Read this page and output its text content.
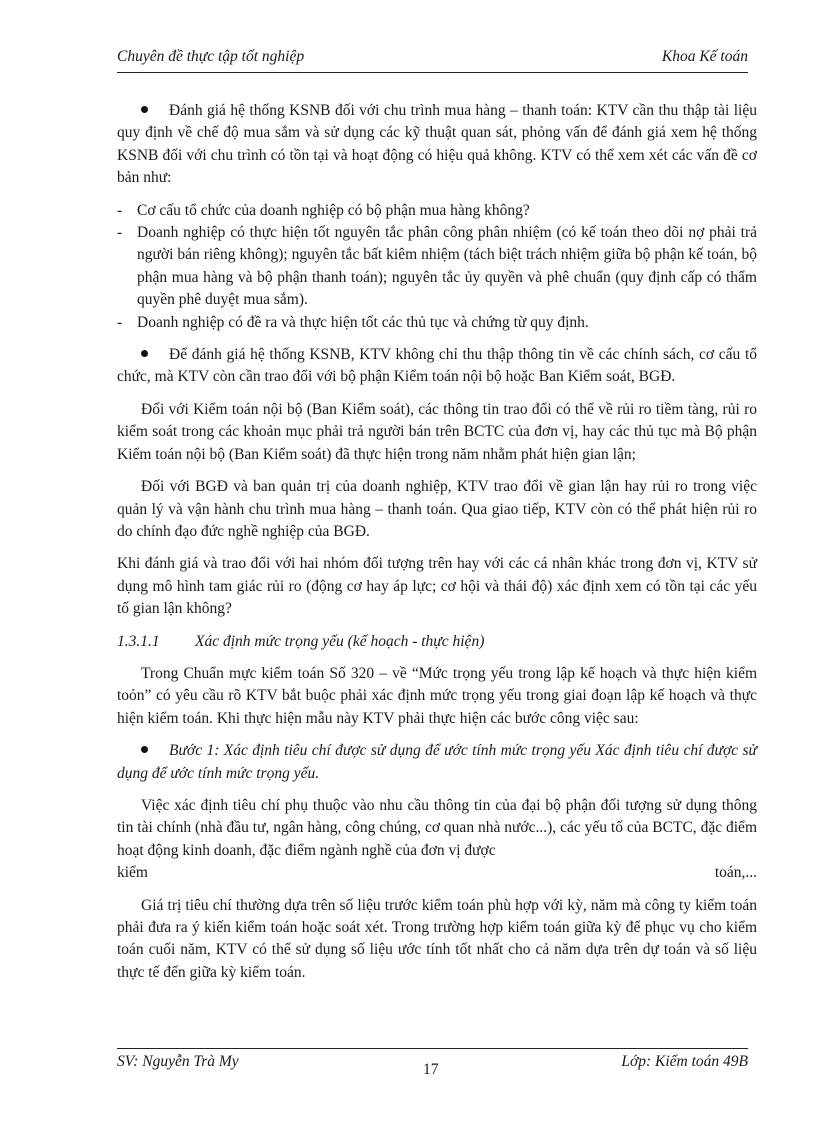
Chuyên đề thực tập tốt nghiệp	Khoa Kế toán

Đánh giá hệ thống KSNB đối với chu trình mua hàng – thanh toán: KTV cần thu thập tài liệu quy định về chế độ mua sắm và sử dụng các kỹ thuật quan sát, phỏng vấn để đánh giá xem hệ thống KSNB đối với chu trình có tồn tại và hoạt động có hiệu quả không. KTV có thể xem xét các vấn đề cơ bản như:

- Cơ cấu tổ chức của doanh nghiệp có bộ phận mua hàng không?

- Doanh nghiệp có thực hiện tốt nguyên tắc phân công phân nhiệm (có kế toán theo dõi nợ phải trả người bán riêng không); nguyên tắc bất kiêm nhiệm (tách biệt trách nhiệm giữa bộ phận kế toán, bộ phận mua hàng và bộ phận thanh toán); nguyên tắc ủy quyền và phê chuẩn (quy định cấp có thẩm quyền phê duyệt mua sắm).

- Doanh nghiệp có đề ra và thực hiện tốt các thủ tục và chứng từ quy định.

Để đánh giá hệ thống KSNB, KTV không chỉ thu thập thông tin về các chính sách, cơ cấu tổ chức, mà KTV còn cần trao đổi với bộ phận Kiểm toán nội bộ hoặc Ban Kiểm soát, BGĐ.

Đối với Kiểm toán nội bộ (Ban Kiểm soát), các thông tin trao đổi có thể về rủi ro tiềm tàng, rủi ro kiểm soát trong các khoản mục phải trả người bán trên BCTC của đơn vị, hay các thủ tục mà Bộ phận Kiểm toán nội bộ (Ban Kiểm soát) đã thực hiện trong năm nhằm phát hiện gian lận;

Đối với BGĐ và ban quản trị của doanh nghiệp, KTV trao đổi về gian lận hay rủi ro trong việc quản lý và vận hành chu trình mua hàng – thanh toán. Qua giao tiếp, KTV còn có thể phát hiện rủi ro do chính đạo đức nghề nghiệp của BGĐ.

Khi đánh giá và trao đổi với hai nhóm đối tượng trên hay với các cá nhân khác trong đơn vị, KTV sử dụng mô hình tam giác rủi ro (động cơ hay áp lực; cơ hội và thái độ) xác định xem có tồn tại các yếu tố gian lận không?

1.3.1.1 Xác định mức trọng yếu (kế hoạch - thực hiện)

Trong Chuẩn mực kiểm toán Số 320 – về “Mức trọng yếu trong lập kế hoạch và thực hiện kiểm toỏn” có yêu cầu rõ KTV bắt buộc phải xác định mức trọng yếu trong giai đoạn lập kế hoạch và thực hiện kiểm toán. Khi thực hiện mẫu này KTV phải thực hiện các bước công việc sau:

Bước 1: Xác định tiêu chí được sử dụng để ước tính mức trọng yếu Xác định tiêu chí được sử dụng để ước tính mức trọng yếu.

Việc xác định tiêu chí phụ thuộc vào nhu cầu thông tin của đại bộ phận đối tượng sử dụng thông tin tài chính (nhà đầu tư, ngân hàng, công chúng, cơ quan nhà nước...), các yếu tố của BCTC, đặc điểm hoạt động kinh doanh, đặc điểm ngành nghề của đơn vị được

kiểm	toán,...

Giá trị tiêu chí thường dựa trên số liệu trước kiểm toán phù hợp với kỳ, năm mà công ty kiểm toán phải đưa ra ý kiến kiểm toán hoặc soát xét. Trong trường hợp kiểm toán giữa kỳ để phục vụ cho kiểm toán cuối năm, KTV có thể sử dụng số liệu ước tính tốt nhất cho cả năm dựa trên dự toán và số liệu thực tế đến giữa kỳ kiểm toán.

SV: Nguyễn Trà My	17	Lớp: Kiểm toán 49B
